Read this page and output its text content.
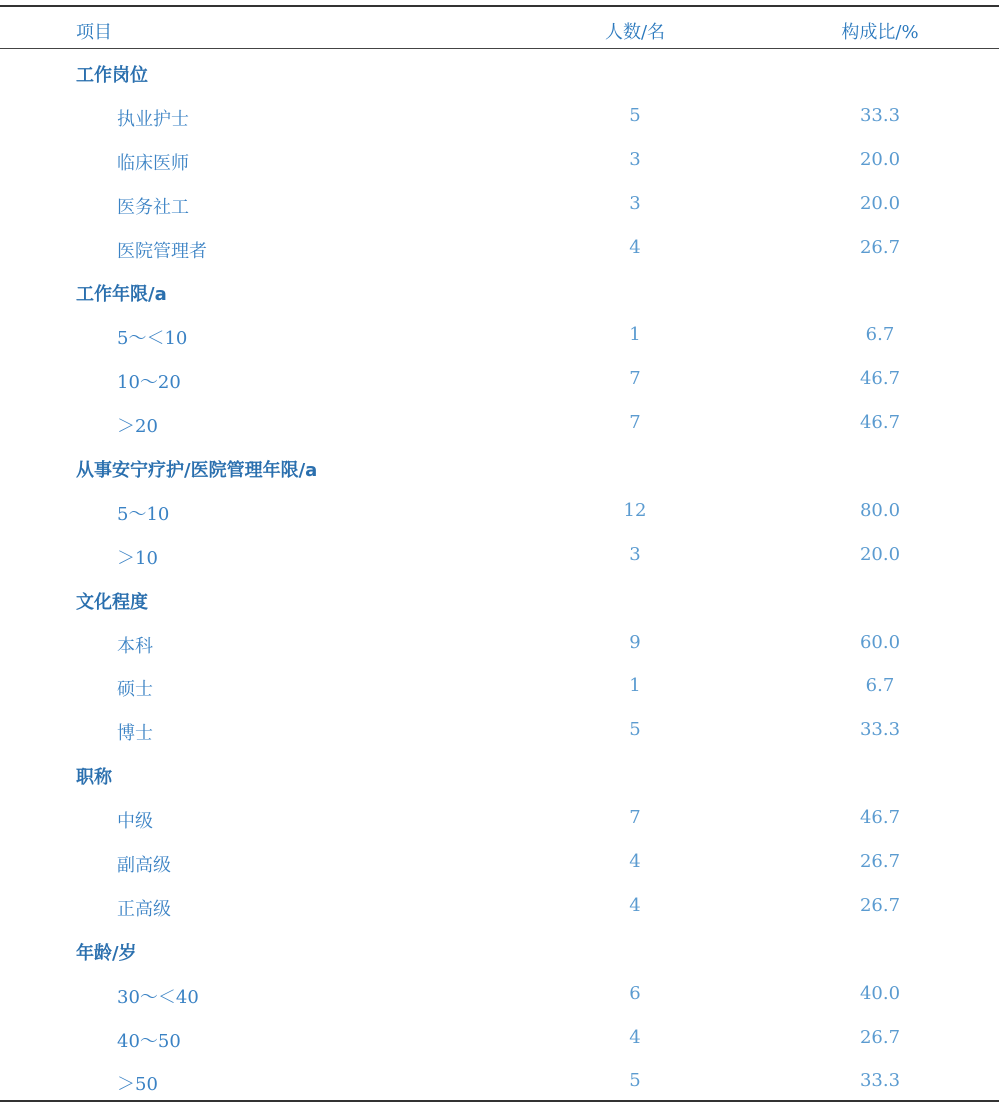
项目	人数/名	构成比/%
工作岗位
执业护士	5	33.3
临床医师	3	20.0
医务社工	3	20.0
医院管理者	4	26.7
工作年限/a
5～＜10	1	6.7
10～20	7	46.7
＞20	7	46.7
从事安宁疗护/医院管理年限/a
5～10	12	80.0
＞10	3	20.0
文化程度
本科	9	60.0
硕士	1	6.7
博士	5	33.3
职称
中级	7	46.7
副高级	4	26.7
正高级	4	26.7
年龄/岁
30～＜40	6	40.0
40～50	4	26.7
＞50	5	33.3
